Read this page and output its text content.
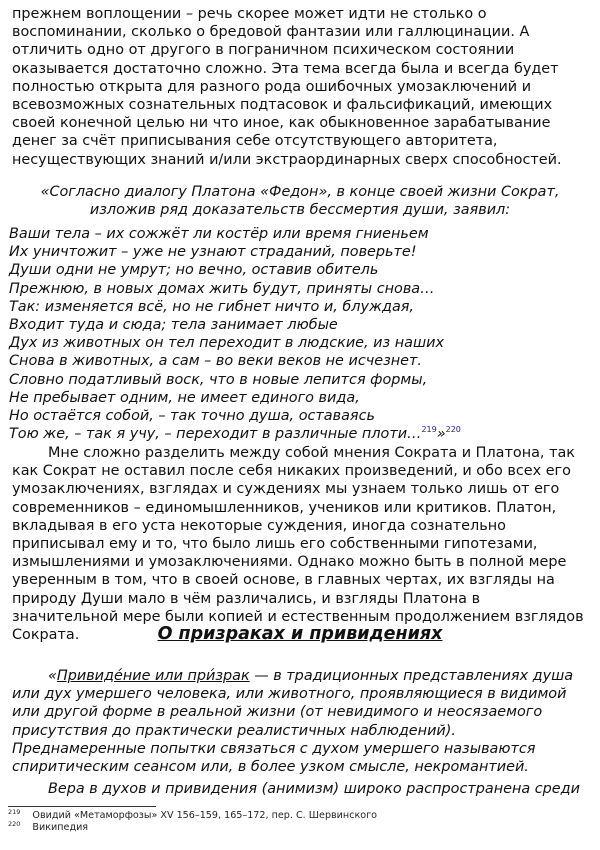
прежнем воплощении – речь скорее может идти не столько о воспоминании, сколько о бредовой фантазии или галлюцинации. А отличить одно от другого в пограничном психическом состоянии оказывается достаточно сложно. Эта тема всегда была и всегда будет полностью открыта для разного рода ошибочных умозаключений и всевозможных сознательных подтасовок и фальсификаций, имеющих своей конечной целью ни что иное, как обыкновенное зарабатывание денег за счёт приписывания себе отсутствующего авторитета, несуществующих знаний и/или экстраординарных сверх способностей.

«Согласно диалогу Платона «Федон», в конце своей жизни Сократ, изложив ряд доказательств бессмертия души, заявил:

Ваши тела – их сожжёт ли костёр или время гниеньем
Их уничтожит – уже не узнают страданий, поверьте!
Души одни не умрут; но вечно, оставив обитель
Прежнюю, в новых домах жить будут, приняты снова…
Так: изменяется всё, но не гибнет ничто и, блуждая,
Входит туда и сюда; тела занимает любые
Дух из животных он тел переходит в людские, из наших
Снова в животных, а сам – во веки веков не исчезнет.
Словно податливый воск, что в новые лепится формы,
Не пребывает одним, не имеет единого вида,
Но остаётся собой, – так точно душа, оставаясь
Тою же, – так я учу, – переходит в различные плоти…$^{219}$»$^{220}$

Мне сложно разделить между собой мнения Сократа и Платона, так как Сократ не оставил после себя никаких произведений, и обо всех его умозаключениях, взглядах и суждениях мы узнаем только лишь от его современников – единомышленников, учеников или критиков. Платон, вкладывая в его уста некоторые суждения, иногда сознательно приписывал ему и то, что было лишь его собственными гипотезами, измышлениями и умозаключениями. Однако можно быть в полной мере уверенным в том, что в своей основе, в главных чертах, их взгляды на природу Души мало в чём различались, и взгляды Платона в значительной мере были копией и естественным продолжением взглядов Сократа.	О призраках и привидениях

«Привиде́ние или при́зрак — в традиционных представлениях душа или дух умершего человека, или животного, проявляющиеся в видимой или другой форме в реальной жизни (от невидимого и неосязаемого присутствия до практически реалистичных наблюдений). Преднамеренные попытки связаться с духом умершего называются спиритическим сеансом или, в более узком смысле, некромантией.

Вера в духов и привидения (анимизм) широко распространена среди

$^{219}$ Овидий «Метаморфозы» XV 156–159, 165–172, пер. С. Шервинского
$^{220}$ Википедия
